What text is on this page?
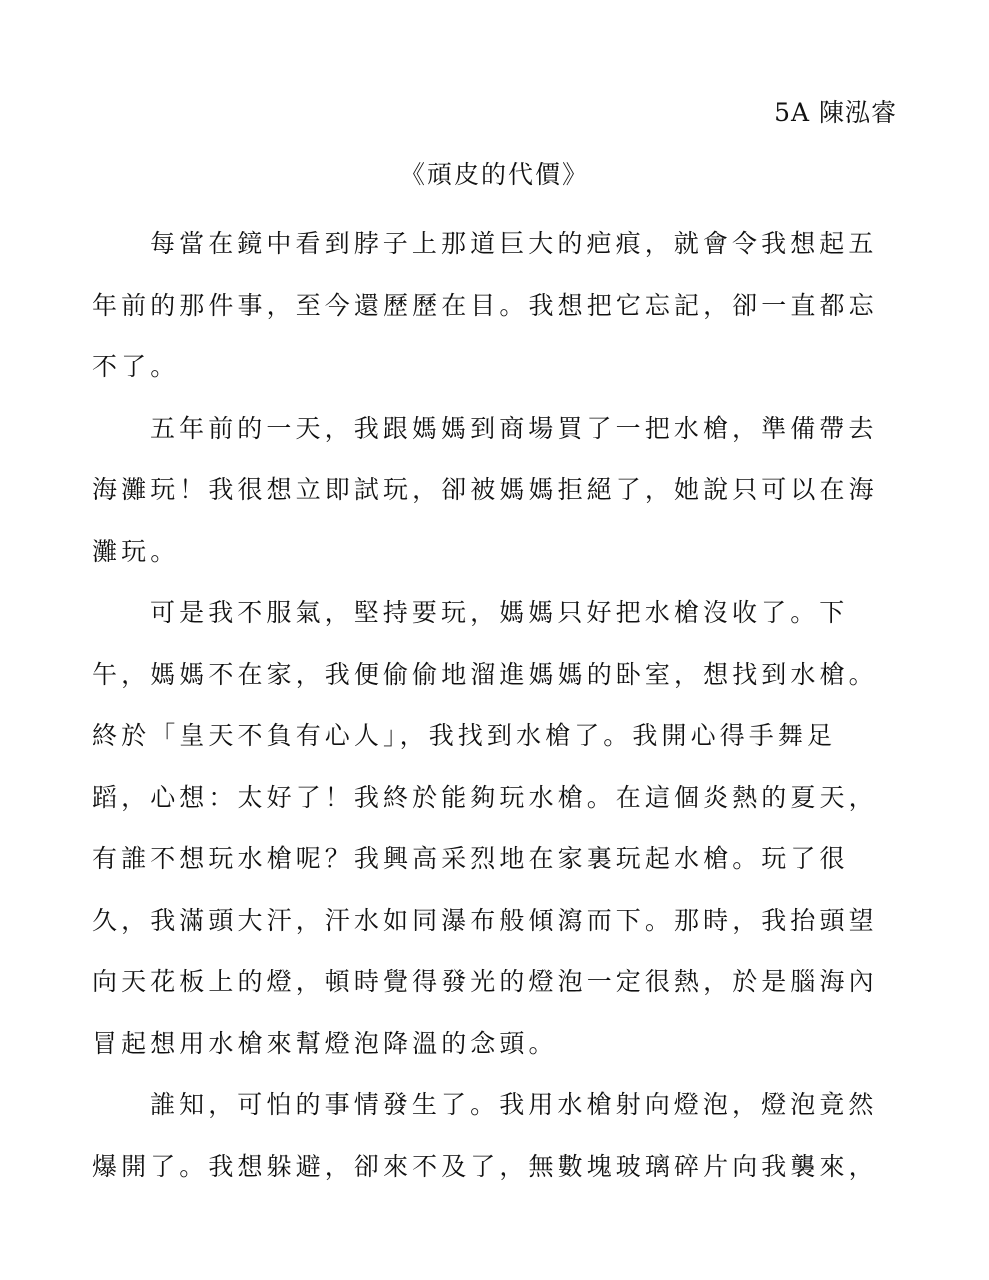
5A 陳泓睿
《頑皮的代價》
每當在鏡中看到脖子上那道巨大的疤痕，就會令我想起五
年前的那件事，至今還歷歷在目。我想把它忘記，卻一直都忘
不了。
五年前的一天，我跟媽媽到商場買了一把水槍，準備帶去
海灘玩！我很想立即試玩，卻被媽媽拒絕了，她說只可以在海
灘玩。
可是我不服氣，堅持要玩，媽媽只好把水槍沒收了。下
午，媽媽不在家，我便偷偷地溜進媽媽的卧室，想找到水槍。
終於「皇天不負有心人」，我找到水槍了。我開心得手舞足
蹈，心想：太好了！我終於能夠玩水槍。在這個炎熱的夏天，
有誰不想玩水槍呢？我興高采烈地在家裏玩起水槍。玩了很
久，我滿頭大汗，汗水如同瀑布般傾瀉而下。那時，我抬頭望
向天花板上的燈，頓時覺得發光的燈泡一定很熱，於是腦海內
冒起想用水槍來幫燈泡降溫的念頭。
誰知，可怕的事情發生了。我用水槍射向燈泡，燈泡竟然
爆開了。我想躲避，卻來不及了，無數塊玻璃碎片向我襲來，
